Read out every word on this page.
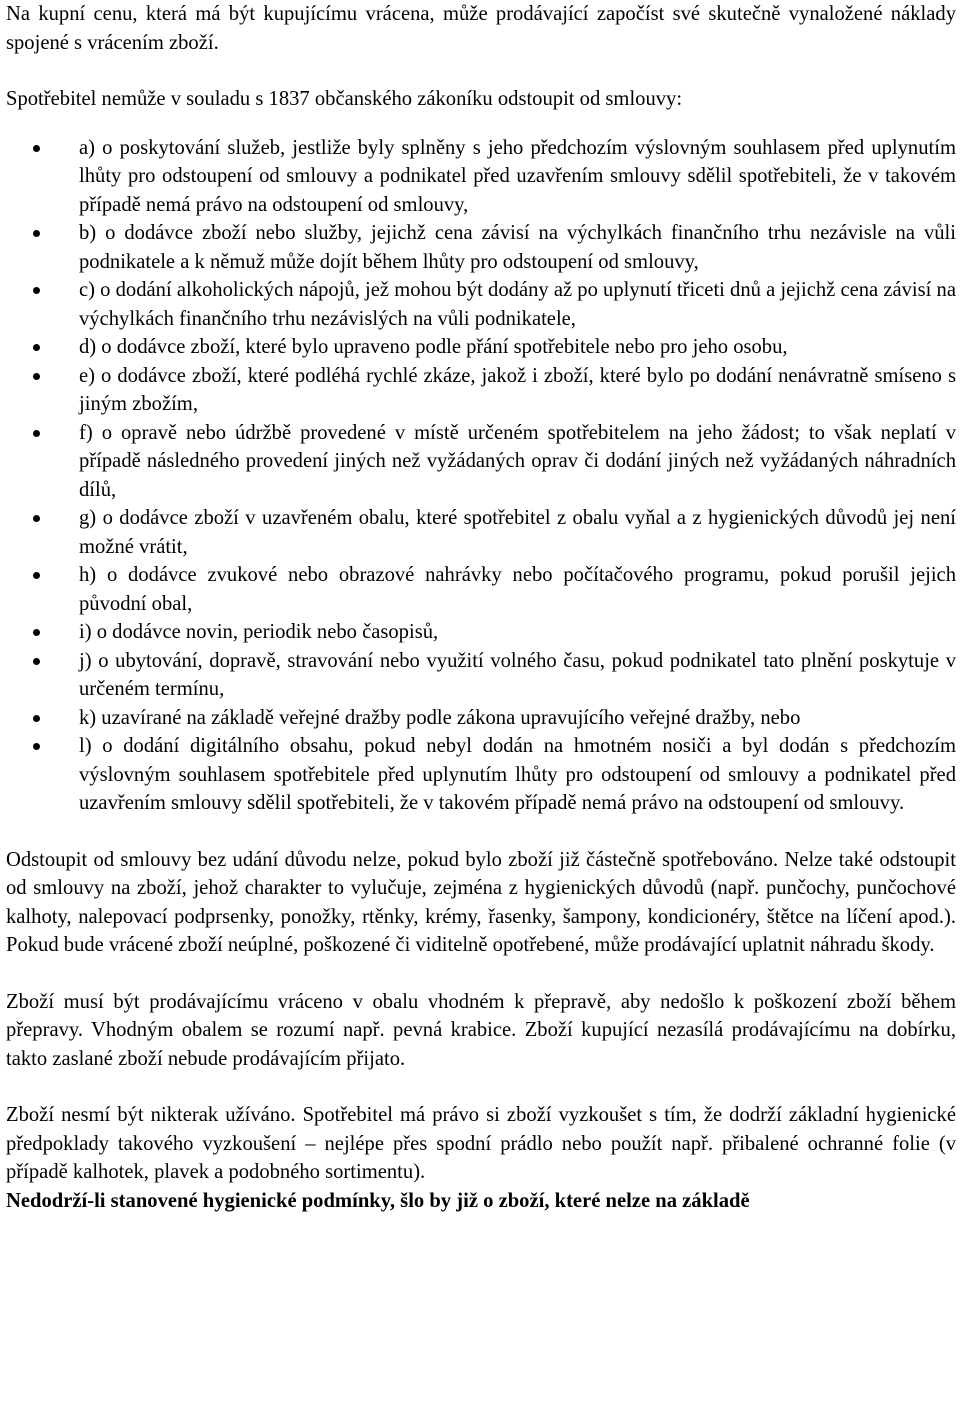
Na kupní cenu, která má být kupujícímu vrácena, může prodávající započíst své skutečně vynaložené náklady spojené s vrácením zboží.

Spotřebitel nemůže v souladu s 1837 občanského zákoníku odstoupit od smlouvy:

a) o poskytování služeb, jestliže byly splněny s jeho předchozím výslovným souhlasem před uplynutím lhůty pro odstoupení od smlouvy a podnikatel před uzavřením smlouvy sdělil spotřebiteli, že v takovém případě nemá právo na odstoupení od smlouvy,
b) o dodávce zboží nebo služby, jejichž cena závisí na výchylkách finančního trhu nezávisle na vůli podnikatele a k němuž může dojít během lhůty pro odstoupení od smlouvy,
c) o dodání alkoholických nápojů, jež mohou být dodány až po uplynutí třiceti dnů a jejichž cena závisí na výchylkách finančního trhu nezávislých na vůli podnikatele,
d) o dodávce zboží, které bylo upraveno podle přání spotřebitele nebo pro jeho osobu,
e) o dodávce zboží, které podléhá rychlé zkáze, jakož i zboží, které bylo po dodání nenávratně smíseno s jiným zbožím,
f) o opravě nebo údržbě provedené v místě určeném spotřebitelem na jeho žádost; to však neplatí v případě následného provedení jiných než vyžádaných oprav či dodání jiných než vyžádaných náhradních dílů,
g) o dodávce zboží v uzavřeném obalu, které spotřebitel z obalu vyňal a z hygienických důvodů jej není možné vrátit,
h) o dodávce zvukové nebo obrazové nahrávky nebo počítačového programu, pokud porušil jejich původní obal,
i) o dodávce novin, periodik nebo časopisů,
j) o ubytování, dopravě, stravování nebo využití volného času, pokud podnikatel tato plnění poskytuje v určeném termínu,
k) uzavírané na základě veřejné dražby podle zákona upravujícího veřejné dražby, nebo
l) o dodání digitálního obsahu, pokud nebyl dodán na hmotném nosiči a byl dodán s předchozím výslovným souhlasem spotřebitele před uplynutím lhůty pro odstoupení od smlouvy a podnikatel před uzavřením smlouvy sdělil spotřebiteli, že v takovém případě nemá právo na odstoupení od smlouvy.

Odstoupit od smlouvy bez udání důvodu nelze, pokud bylo zboží již částečně spotřebováno. Nelze také odstoupit od smlouvy na zboží, jehož charakter to vylučuje, zejména z hygienických důvodů (např. punčochy, punčochové kalhoty, nalepovací podprsenky, ponožky, rtěnky, krémy, řasenky, šampony, kondicionéry, štětce na líčení apod.). Pokud bude vrácené zboží neúplné, poškozené či viditelně opotřebené, může prodávající uplatnit náhradu škody.

Zboží musí být prodávajícímu vráceno v obalu vhodném k přepravě, aby nedošlo k poškození zboží během přepravy. Vhodným obalem se rozumí např. pevná krabice. Zboží kupující nezasílá prodávajícímu na dobírku, takto zaslané zboží nebude prodávajícím přijato.

Zboží nesmí být nikterak užíváno. Spotřebitel má právo si zboží vyzkoušet s tím, že dodrží základní hygienické předpoklady takového vyzkoušení – nejlépe přes spodní prádlo nebo použít např. přibalené ochranné folie (v případě kalhotek, plavek a podobného sortimentu).

Nedodrží-li stanovené hygienické podmínky, šlo by již o zboží, které nelze na základě
